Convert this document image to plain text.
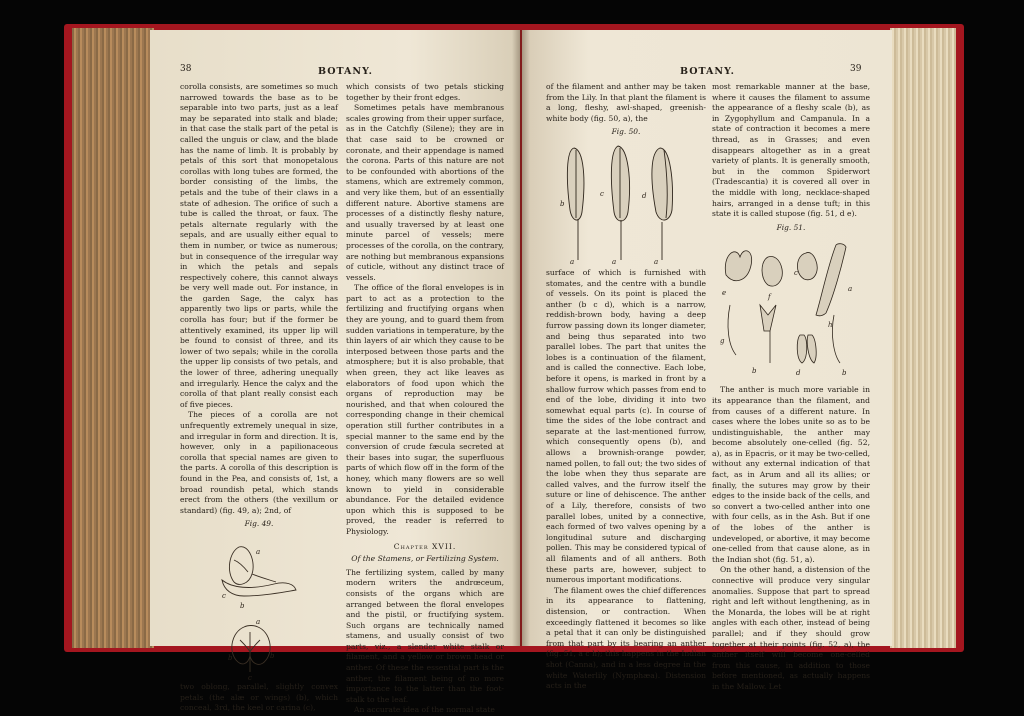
38	BOTANY.

corolla consists, are sometimes so much narrowed towards the base as to be separable into two parts, just as a leaf may be separated into stalk and blade; in that case the stalk part of the petal is called the unguis or claw, and the blade has the name of limb. It is probably by petals of this sort that monopetalous corollas with long tubes are formed, the border consisting of the limbs, the petals and the tube of their claws in a state of adhesion. The orifice of such a tube is called the throat, or faux. The petals alternate regularly with the sepals, and are usually either equal to them in number, or twice as numerous; but in consequence of the irregular way in which the petals and sepals respectively cohere, this cannot always be very well made out. For instance, in the garden Sage, the calyx has apparently two lips or parts, while the corolla has four; but if the former be attentively examined, its upper lip will be found to consist of three, and its lower of two sepals; while in the corolla the upper lip consists of two petals, and the lower of three, adhering unequally and irregularly. Hence the calyx and the corolla of that plant really consist each of five pieces.

The pieces of a corolla are not unfrequently extremely unequal in size, and irregular in form and direction. It is, however, only in a papilionaceous corolla that special names are given to the parts. A corolla of this description is found in the Pea, and consists of, 1st, a broad roundish petal, which stands erect from the others (the vexillum or standard) (fig. 49, a); 2nd, of

Fig. 49.
a
c
b
a
b	b
c

two oblong, parallel, slightly convex petals (the alæ or wings) (b), which conceal, 3rd, the keel or carina (c),

which consists of two petals sticking together by their front edges.

Sometimes petals have membranous scales growing from their upper surface, as in the Catchfly (Silene); they are in that case said to be crowned or coronate, and their appendage is named the corona. Parts of this nature are not to be confounded with abortions of the stamens, which are extremely common, and very like them, but of an essentially different nature. Abortive stamens are processes of a distinctly fleshy nature, and usually traversed by at least one minute parcel of vessels; mere processes of the corolla, on the contrary, are nothing but membranous expansions of cuticle, without any distinct trace of vessels.

The office of the floral envelopes is in part to act as a protection to the fertilizing and fructifying organs when they are young, and to guard them from sudden variations in temperature, by the thin layers of air which they cause to be interposed between those parts and the atmosphere; but it is also probable, that when green, they act like leaves as elaborators of food upon which the organs of reproduction may be nourished, and that when coloured the corresponding change in their chemical operation still further contributes in a special manner to the same end by the conversion of crude fæcula secreted at their bases into sugar, the superfluous parts of which flow off in the form of the honey, which many flowers are so well known to yield in considerable abundance. For the detailed evidence upon which this is supposed to be proved, the reader is referred to Physiology.

Chapter XVII.
Of the Stamens, or Fertilizing System.

The fertilizing system, called by many modern writers the andrœceum, consists of the organs which are arranged between the floral envelopes and the pistil, or fructifying system. Such organs are technically named stamens, and usually consist of two parts, viz., a slender white stalk or filament, and a yellow or brown head or anther. Of these the essential part is the anther, the filament being of no more importance to the latter than the foot-stalk to the leaf.

An accurate idea of the normal state

BOTANY.	39

of the filament and anther may be taken from the Lily. In that plant the filament is a long, fleshy, awl-shaped, greenish-white body (fig. 50, a), the

Fig. 50.
b
c	d
a	a	a

surface of which is furnished with stomates, and the centre with a bundle of vessels. On its point is placed the anther (b c d), which is a narrow, reddish-brown body, having a deep furrow passing down its longer diameter, and being thus separated into two parallel lobes. The part that unites the lobes is a continuation of the filament, and is called the connective. Each lobe, before it opens, is marked in front by a shallow furrow which passes from end to end of the lobe, dividing it into two somewhat equal parts (c). In course of time the sides of the lobe contract and separate at the last-mentioned furrow, which consequently opens (b), and allows a brownish-orange powder, named pollen, to fall out; the two sides of the lobe when they thus separate are called valves, and the furrow itself the suture or line of dehiscence. The anther of a Lily, therefore, consists of two parallel lobes, united by a connective, each formed of two valves opening by a longitudinal suture and discharging pollen. This may be considered typical of all filaments and of all anthers. Both these parts are, however, subject to numerous important modifications.

The filament owes the chief differences in its appearance to flattening, distension, or contraction. When exceedingly flattened it becomes so like a petal that it can only be distinguished from that part by its bearing an anther (fig. 51, a c h); this happens in the Indian shot (Canna), and in a less degree in the white Waterlily (Nymphæa). Distension acts in the

most remarkable manner at the base, where it causes the filament to assume the appearance of a fleshy scale (b), as in Zygophyllum and Campanula. In a state of contraction it becomes a mere thread, as in Grasses; and even disappears altogether as in a great variety of plants. It is generally smooth, but in the common Spiderwort (Tradescantia) it is covered all over in the middle with long, necklace-shaped hairs, arranged in a dense tuft; in this state it is called stupose (fig. 51, d e).

Fig. 51.
e	f
c
a
g
b	d
h
b

The anther is much more variable in its appearance than the filament, and from causes of a different nature. In cases where the lobes unite so as to be undistinguishable, the anther may become absolutely one-celled (fig. 52, a), as in Epacris, or it may be two-celled, without any external indication of that fact, as in Arum and all its allies; or finally, the sutures may grow by their edges to the inside back of the cells, and so convert a two-celled anther into one with four cells, as in the Ash. But if one of the lobes of the anther is undeveloped, or abortive, it may become one-celled from that cause alone, as in the Indian shot (fig. 51, a).

On the other hand, a distension of the connective will produce very singular anomalies. Suppose that part to spread right and left without lengthening, as in the Monarda, the lobes will be at right angles with each other, instead of being parallel; and if they should grow together at their points (fig. 52, a), the anther itself will become one-celled from this cause, in addition to those before mentioned, as actually happens in the Mallow. Let
